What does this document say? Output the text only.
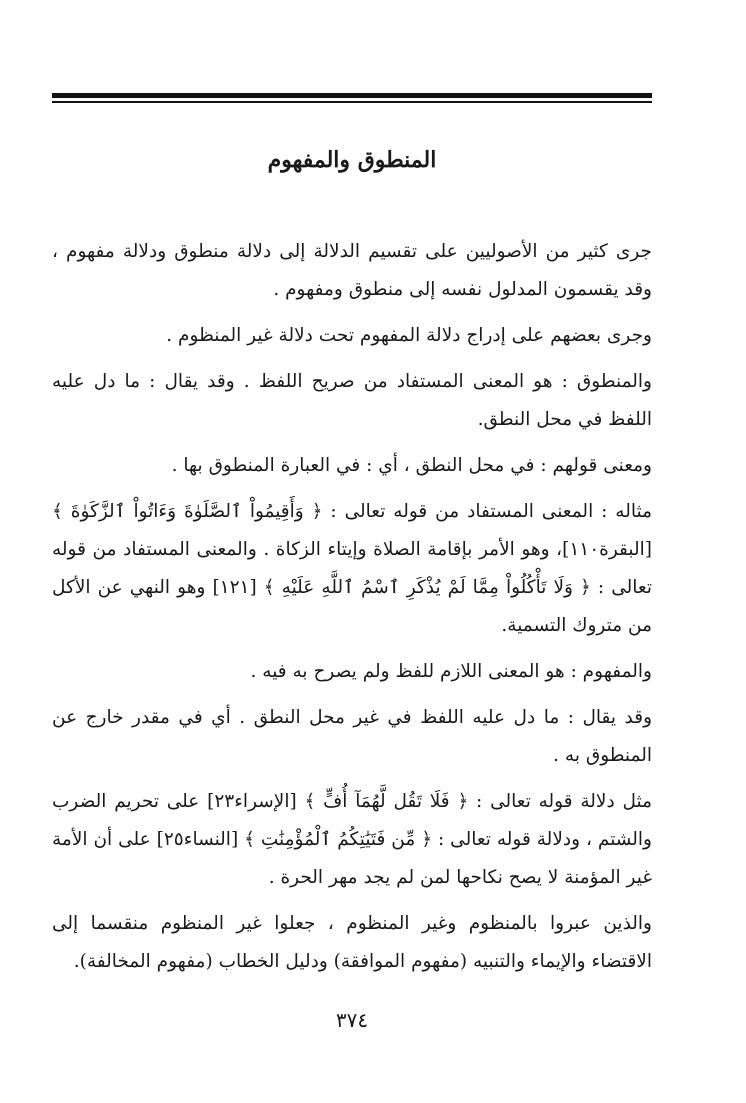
المنطوق والمفهوم

جرى كثير من الأصوليين على تقسيم الدلالة إلى دلالة منطوق ودلالة مفهوم ، وقد يقسمون المدلول نفسه إلى منطوق ومفهوم .

وجرى بعضهم على إدراج دلالة المفهوم تحت دلالة غير المنظوم .

والمنطوق : هو المعنى المستفاد من صريح اللفظ . وقد يقال : ما دل عليه اللفظ في محل النطق.

ومعنى قولهم : في محل النطق ، أي : في العبارة المنطوق بها .

مثاله : المعنى المستفاد من قوله تعالى : ﴿ وَأَقِيمُواْ ٱلصَّلَوٰةَ وَءَاتُواْ ٱلزَّكَوٰةَ ﴾ [البقرة١١٠]، وهو الأمر بإقامة الصلاة وإيتاء الزكاة . والمعنى المستفاد من قوله تعالى : ﴿ وَلَا تَأْكُلُواْ مِمَّا لَمْ يُذْكَرِ ٱسْمُ ٱللَّهِ عَلَيْهِ ﴾ [١٢١] وهو النهي عن الأكل من متروك التسمية.

والمفهوم : هو المعنى اللازم للفظ ولم يصرح به فيه .

وقد يقال : ما دل عليه اللفظ في غير محل النطق . أي في مقدر خارج عن المنطوق به .

مثل دلالة قوله تعالى : ﴿ فَلَا تَقُل لَّهُمَآ أُفٍّ ﴾ [الإسراء٢٣] على تحريم الضرب والشتم ، ودلالة قوله تعالى : ﴿ مِّن فَتَيَٰتِكُمُ ٱلْمُؤْمِنَٰتِ ﴾ [النساء٢٥] على أن الأمة غير المؤمنة لا يصح نكاحها لمن لم يجد مهر الحرة .

والذين عبروا بالمنظوم وغير المنظوم ، جعلوا غير المنظوم منقسما إلى الاقتضاء والإيماء والتنبيه (مفهوم الموافقة) ودليل الخطاب (مفهوم المخالفة).

٣٧٤
